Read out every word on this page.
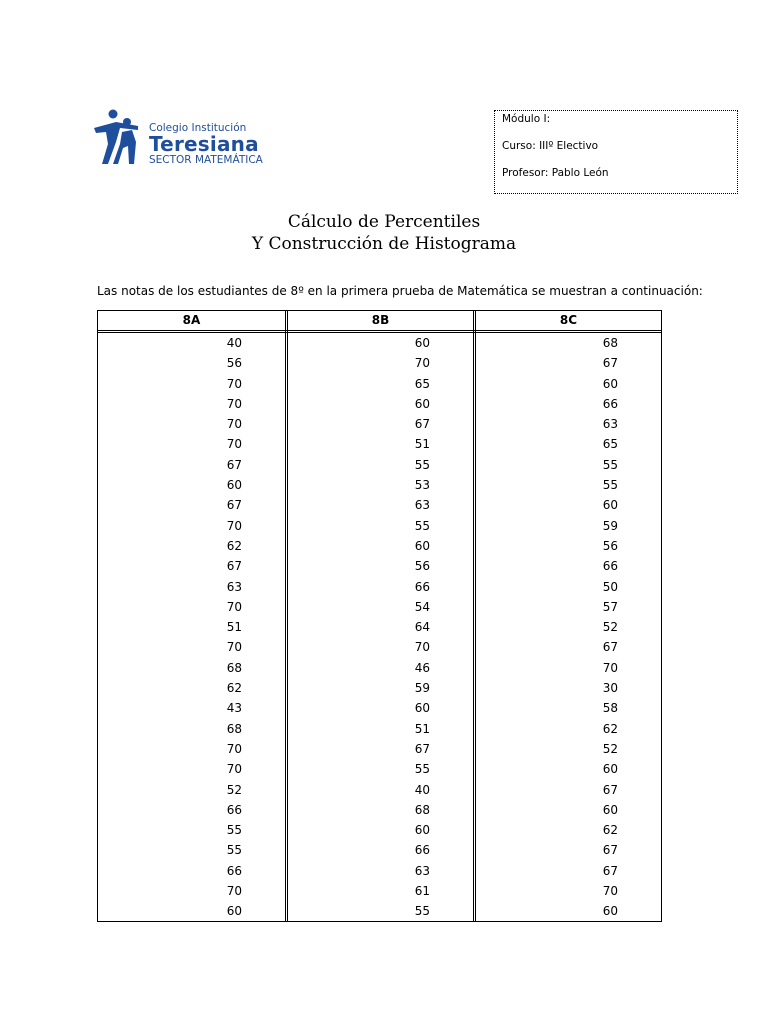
Colegio Institución
Teresiana
SECTOR MATEMÁTICA
Módulo I:
Curso: IIIº Electivo
Profesor: Pablo León
Cálculo de Percentiles
Y Construcción de Histograma
Las notas de los estudiantes de 8º en la primera prueba de Matemática se muestran a continuación:
8A	8B	8C
40
56
70
70
70
70
67
60
67
70
62
67
63
70
51
70
68
62
43
68
70
70
52
66
55
55
66
70
60
60
70
65
60
67
51
55
53
63
55
60
56
66
54
64
70
46
59
60
51
67
55
40
68
60
66
63
61
55
68
67
60
66
63
65
55
55
60
59
56
66
50
57
52
67
70
30
58
62
52
60
67
60
62
67
67
70
60
